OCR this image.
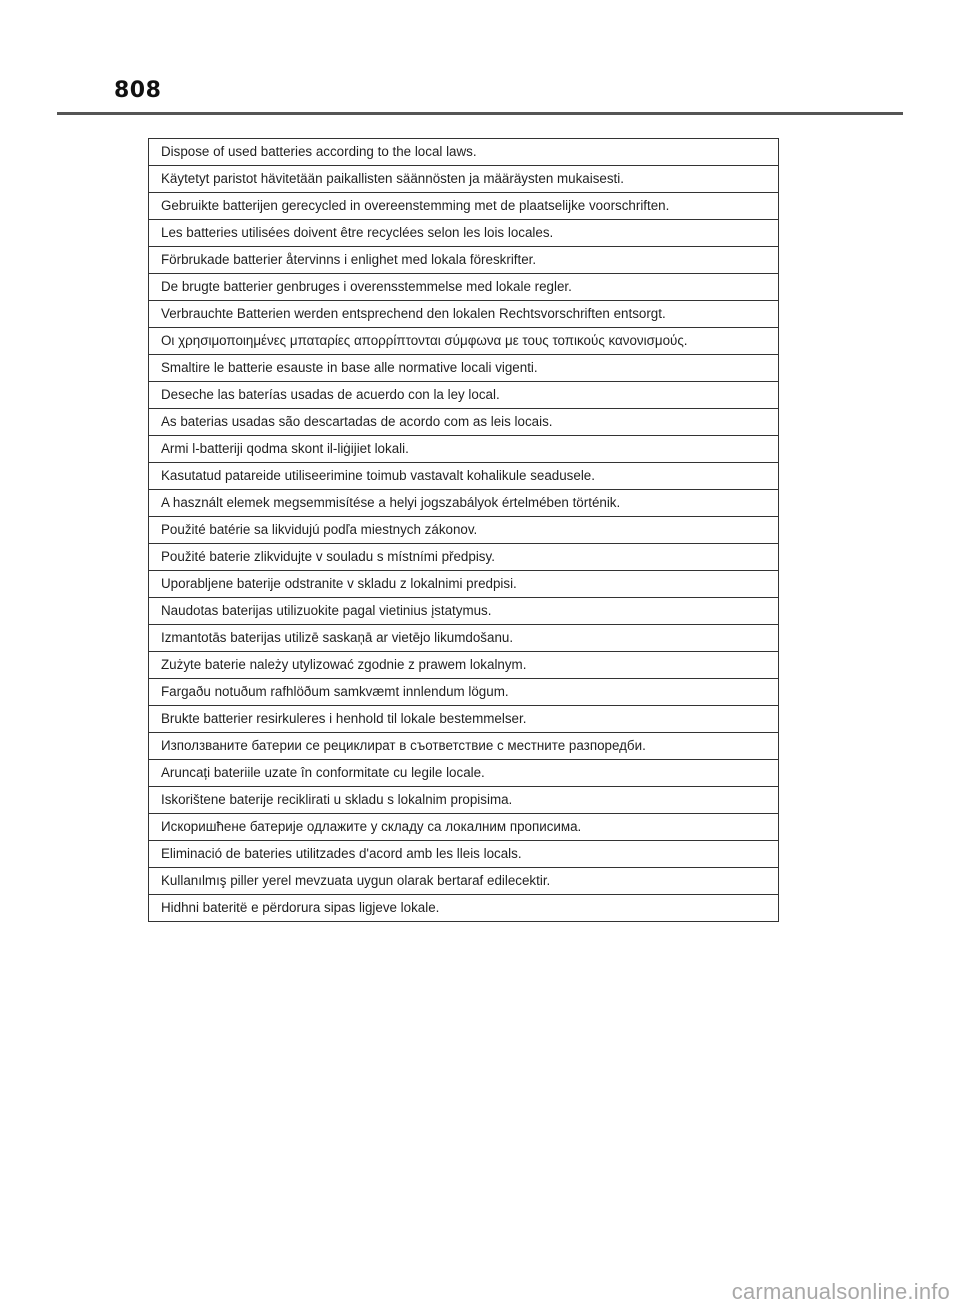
808
Dispose of used batteries according to the local laws.
Käytetyt paristot hävitetään paikallisten säännösten ja määräysten mukaisesti.
Gebruikte batterijen gerecycled in overeenstemming met de plaatselijke voorschriften.
Les batteries utilisées doivent être recyclées selon les lois locales.
Förbrukade batterier återvinns i enlighet med lokala föreskrifter.
De brugte batterier genbruges i overensstemmelse med lokale regler.
Verbrauchte Batterien werden entsprechend den lokalen Rechtsvorschriften entsorgt.
Οι χρησιμοποιημένες μπαταρίες απορρίπτονται σύμφωνα με τους τοπικούς κανονισμούς.
Smaltire le batterie esauste in base alle normative locali vigenti.
Deseche las baterías usadas de acuerdo con la ley local.
As baterias usadas são descartadas de acordo com as leis locais.
Armi l-batteriji qodma skont il-liġijiet lokali.
Kasutatud patareide utiliseerimine toimub vastavalt kohalikule seadusele.
A használt elemek megsemmisítése a helyi jogszabályok értelmében történik.
Použité batérie sa likvidujú podľa miestnych zákonov.
Použité baterie zlikvidujte v souladu s místními předpisy.
Uporabljene baterije odstranite v skladu z lokalnimi predpisi.
Naudotas baterijas utilizuokite pagal vietinius įstatymus.
Izmantotās baterijas utilizē saskaņā ar vietējo likumdošanu.
Zużyte baterie należy utylizować zgodnie z prawem lokalnym.
Fargaðu notuðum rafhlöðum samkvæmt innlendum lögum.
Brukte batterier resirkuleres i henhold til lokale bestemmelser.
Използваните батерии се рециклират в съответствие с местните разпоредби.
Aruncați bateriile uzate în conformitate cu legile locale.
Iskorištene baterije reciklirati u skladu s lokalnim propisima.
Искоришћене батерије одлажите у складу са локалним прописима.
Eliminació de bateries utilitzades d'acord amb les lleis locals.
Kullanılmış piller yerel mevzuata uygun olarak bertaraf edilecektir.
Hidhni bateritë e përdorura sipas ligjeve lokale.
carmanualsonline.info
